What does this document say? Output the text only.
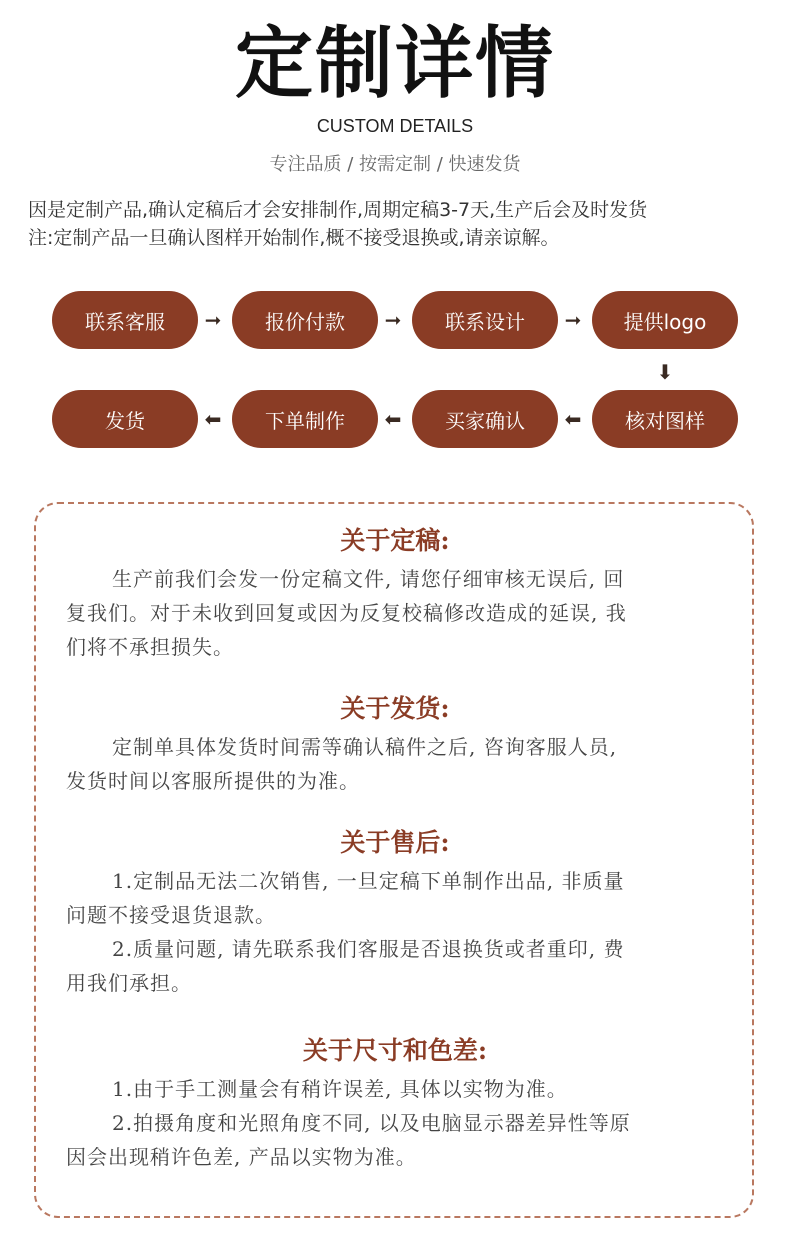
定制详情
CUSTOM DETAILS
专注品质 / 按需定制 / 快速发货
因是定制产品,确认定稿后才会安排制作,周期定稿3-7天,生产后会及时发货
注:定制产品一旦确认图样开始制作,概不接受退换或,请亲谅解。
联系客服	➞	报价付款	➞	联系设计	➞	提供logo
⬇
核对图样
⬅
买家确认
⬅
下单制作
⬅
发货
关于定稿:
生产前我们会发一份定稿文件, 请您仔细审核无误后, 回
复我们。对于未收到回复或因为反复校稿修改造成的延误, 我
们将不承担损失。
关于发货:
定制单具体发货时间需等确认稿件之后, 咨询客服人员,
发货时间以客服所提供的为准。
关于售后:
1.定制品无法二次销售, 一旦定稿下单制作出品, 非质量
问题不接受退货退款。
2.质量问题, 请先联系我们客服是否退换货或者重印, 费
用我们承担。
关于尺寸和色差:
1.由于手工测量会有稍许误差, 具体以实物为准。
2.拍摄角度和光照角度不同, 以及电脑显示器差异性等原
因会出现稍许色差, 产品以实物为准。
